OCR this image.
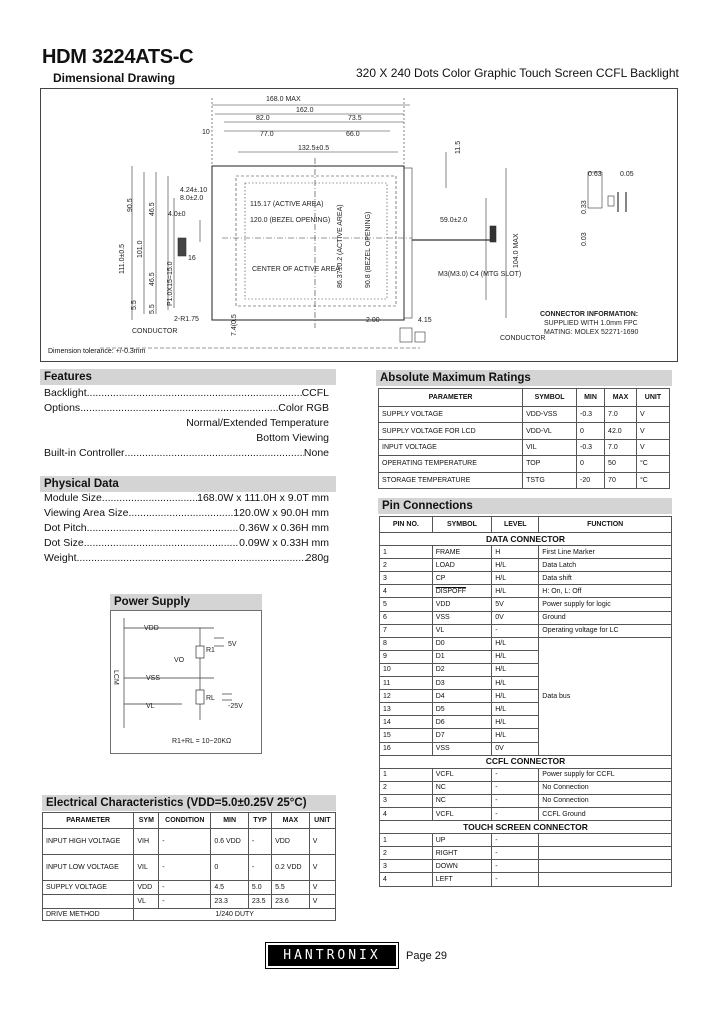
HDM 3224ATS-C
Dimensional Drawing	320 X 240 Dots Color Graphic Touch Screen CCFL Backlight
168.0 MAX
162.0
82.0	73.5
77.0	66.0
10
132.5±0.5	11.5
111.0±0.5 101.0
46.5
46.5
90.5
5.5 5.5
104.0 MAX
59.0±2.0
4.24±.10
8.0±2.0
4.0±0
16
P1.0X15=15.0
115.17 (ACTIVE AREA)
120.0 (BEZEL OPENING)
CENTER OF ACTIVE AREA
86.37±0.2 (ACTIVE AREA)	90.8 (BEZEL OPENING)	M3(M3.0) C4 (MTG SLOT)
2-R1.75
CONDUCTOR
CONDUCTOR
2.00	4.15
7.4(0.5
0.63	0.05
0.33
0.03
CONNECTOR INFORMATION:
SUPPLIED WITH 1.0mm FPC
MATING: MOLEX 52271-1690
Dimension tolerance: +/-0.3mm
Features
Backlight .....	CCFL
Options .....	Color RGB
Normal/Extended Temperature
Bottom Viewing
Built-in Controller .....	None
Physical Data
Module Size .....	168.0W x 111.0H x 9.0T mm
Viewing Area Size .....	120.0W x 90.0H mm
Dot Pitch .....	0.36W x 0.36H mm
Dot Size .....	0.09W x 0.33H mm
Weight .....	280g
Power Supply
VDD
VO
VSS
VL
LCM
R1
RL
5V
-25V
R1+RL = 10~20KΩ
Electrical Characteristics (VDD=5.0±0.25V 25°C)
PARAMETER	SYM	CONDITION	MIN	TYP	MAX	UNIT
INPUT HIGH VOLTAGE	VIH	-	0.6 VDD	-	VDD	V
INPUT LOW VOLTAGE	VIL	-	0	-	0.2 VDD	V
SUPPLY VOLTAGE	VDD	-	4.5	5.0	5.5	V
	VL	-	23.3	23.5	23.6	V
DRIVE METHOD	1/240 DUTY					
Absolute Maximum Ratings
PARAMETER	SYMBOL	MIN	MAX	UNIT
SUPPLY VOLTAGE	VDD-VSS	-0.3	7.0	V
SUPPLY VOLTAGE FOR LCD	VDD-VL	0	42.0	V
INPUT VOLTAGE	VIL	-0.3	7.0	V
OPERATING TEMPERATURE	TOP	0	50	°C
STORAGE TEMPERATURE	TSTG	-20	70	°C
Pin Connections
PIN NO.	SYMBOL	LEVEL	FUNCTION
DATA CONNECTOR			
1	FRAME	H	First Line Marker
2	LOAD	H/L	Data Latch
3	CP	H/L	Data shift
4	DISPOFF	H/L	H: On, L: Off
5	VDD	5V	Power supply for logic
6	VSS	0V	Ground
7	VL	-	Operating voltage for LC
8	D0	H/L	Data bus
9	D1	H/L	
10	D2	H/L	
11	D3	H/L	
12	D4	H/L	
13	D5	H/L	
14	D6	H/L	
15	D7	H/L	
16	VSS	0V	
CCFL CONNECTOR			
1	VCFL	-	Power supply for CCFL
2	NC	-	No Connection
3	NC	-	No Connection
4	VCFL	-	CCFL Ground
TOUCH SCREEN CONNECTOR			
1	UP	-	
2	RIGHT	-	
3	DOWN	-	
4	LEFT	-	
HANTRONIX	Page 29
